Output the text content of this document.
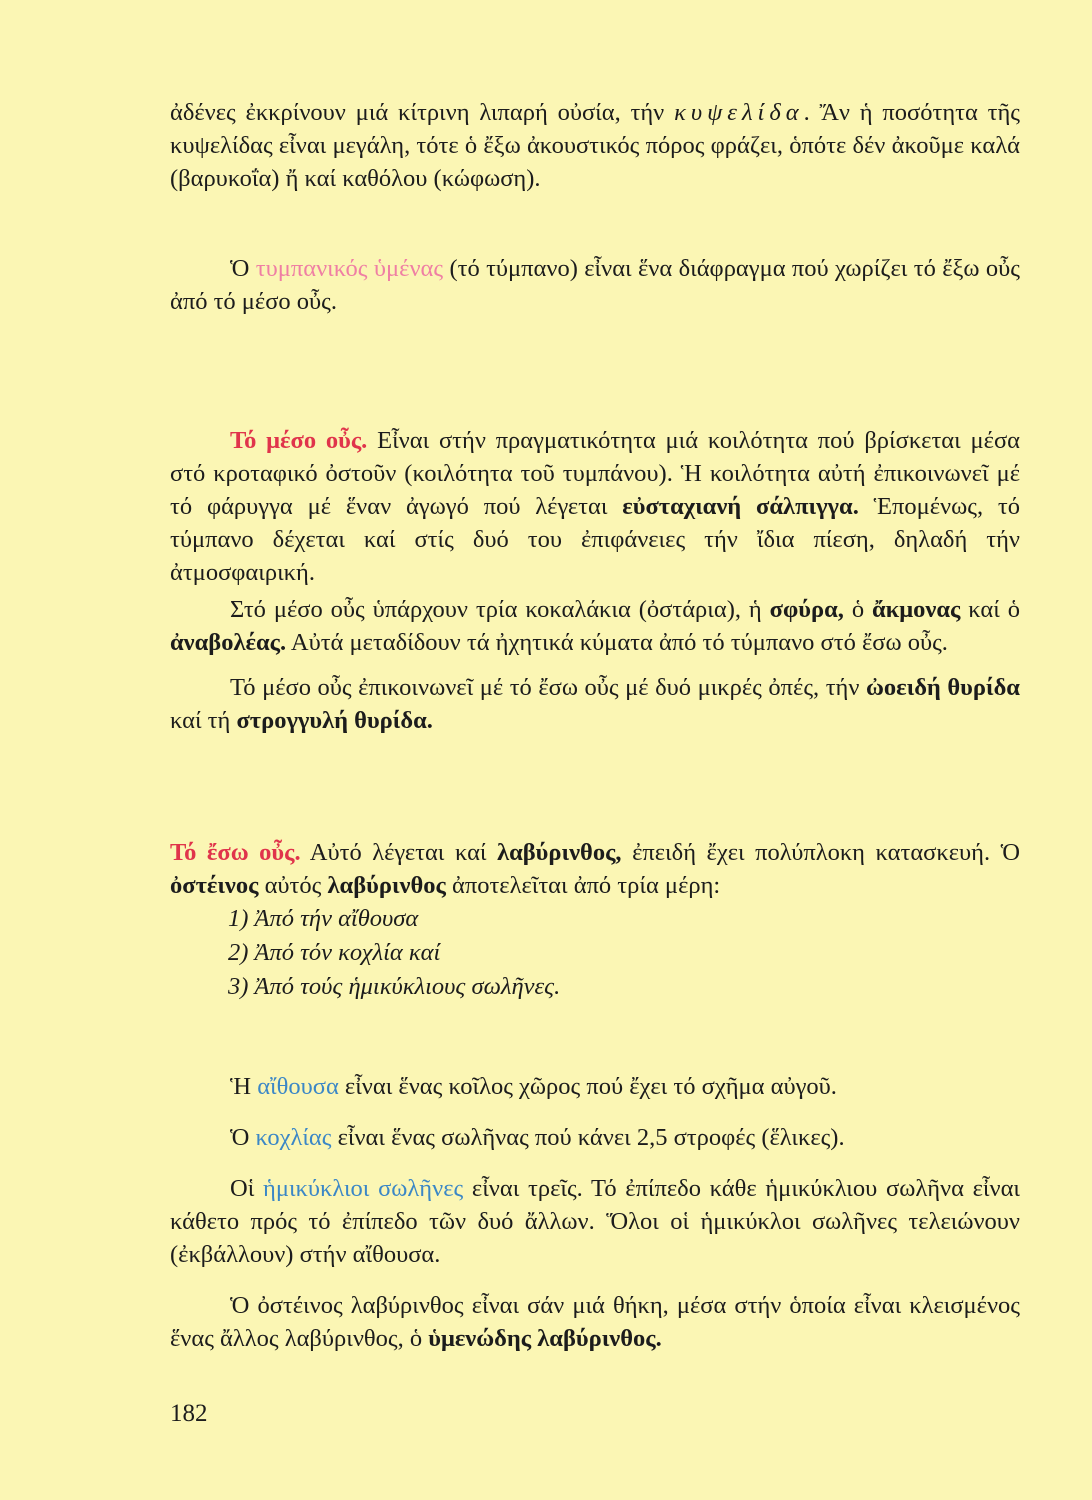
ἀδένες ἐκκρίνουν μιά κίτρινη λιπαρή οὐσία, τήν κυψελίδα. Ἄν ἡ ποσότητα τῆς κυψελίδας εἶναι μεγάλη, τότε ὁ ἔξω ἀκουστικός πόρος φράζει, ὁπότε δέν ἀκοῦμε καλά (βαρυκοΐα) ἤ καί καθόλου (κώφωση).

Ὁ τυμπανικός ὑμένας (τό τύμπανο) εἶναι ἕνα διάφραγμα πού χωρίζει τό ἔξω οὖς ἀπό τό μέσο οὖς.

Τό μέσο οὖς. Εἶναι στήν πραγματικότητα μιά κοιλότητα πού βρίσκεται μέσα στό κροταφικό ὀστοῦν (κοιλότητα τοῦ τυμπάνου). Ἡ κοιλότητα αὐτή ἐπικοινωνεῖ μέ τό φάρυγγα μέ ἕναν ἀγωγό πού λέγεται εὐσταχιανή σάλπιγγα. Ἑπομένως, τό τύμπανο δέχεται καί στίς δυό του ἐπιφάνειες τήν ἴδια πίεση, δηλαδή τήν ἀτμοσφαιρική.

Στό μέσο οὖς ὑπάρχουν τρία κοκαλάκια (ὀστάρια), ἡ σφύρα, ὁ ἄκμονας καί ὁ ἀναβολέας. Αὐτά μεταδίδουν τά ἠχητικά κύματα ἀπό τό τύμπανο στό ἔσω οὖς.

Τό μέσο οὖς ἐπικοινωνεῖ μέ τό ἔσω οὖς μέ δυό μικρές ὀπές, τήν ὠοειδή θυρίδα καί τή στρογγυλή θυρίδα.

Τό ἔσω οὖς. Αὐτό λέγεται καί λαβύρινθος, ἐπειδή ἔχει πολύπλοκη κατασκευή. Ὁ ὀστέινος αὐτός λαβύρινθος ἀποτελεῖται ἀπό τρία μέρη:

1) Ἀπό τήν αἴθουσα
2) Ἀπό τόν κοχλία καί
3) Ἀπό τούς ἡμικύκλιους σωλῆνες.

Ἡ αἴθουσα εἶναι ἕνας κοῖλος χῶρος πού ἔχει τό σχῆμα αὐγοῦ.

Ὁ κοχλίας εἶναι ἕνας σωλῆνας πού κάνει 2,5 στροφές (ἕλικες).

Οἱ ἡμικύκλιοι σωλῆνες εἶναι τρεῖς. Τό ἐπίπεδο κάθε ἡμικύκλιου σωλῆνα εἶναι κάθετο πρός τό ἐπίπεδο τῶν δυό ἄλλων. Ὅλοι οἱ ἡμικύκλοι σωλῆνες τελειώνουν (ἐκβάλλουν) στήν αἴθουσα.

Ὁ ὀστέινος λαβύρινθος εἶναι σάν μιά θήκη, μέσα στήν ὁποία εἶναι κλεισμένος ἕνας ἄλλος λαβύρινθος, ὁ ὑμενώδης λαβύρινθος.

182
